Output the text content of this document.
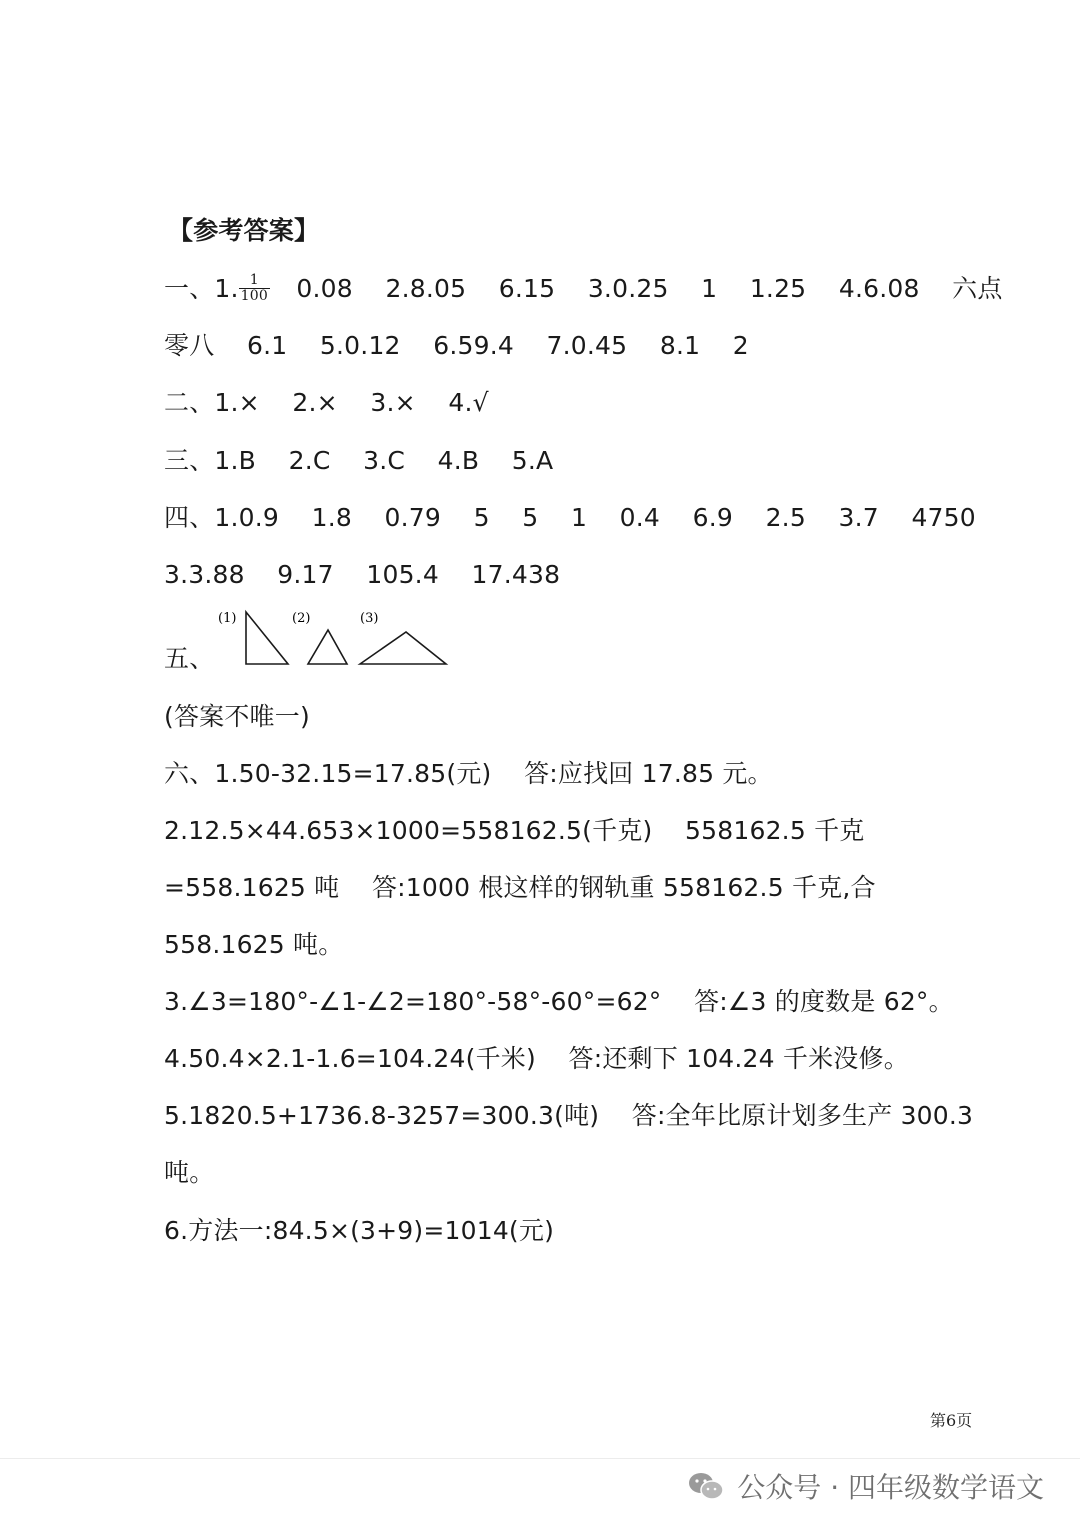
【参考答案】
一、1. $\frac{1}{100} 0.08$    2.8.05    6.15    3.0.25    1    1.25    4.6.08    六点
零八    6.1    5.0.12    6.59.4    7.0.45    8.1    2
二、1.×    2.×    3.×    4.√
三、1.B    2.C    3.C    4.B    5.A
四、1.0.9    1.8    0.79    5    5    1    0.4    6.9    2.5    3.7    4750
3.3.88    9.17    105.4    17.438
五、
(1)	(2)	(3)
(答案不唯一)
六、1.50-32.15=17.85(元)    答:应找回 17.85 元。
2.12.5×44.653×1000=558162.5(千克)    558162.5 千克
=558.1625 吨    答:1000 根这样的钢轨重 558162.5 千克,合
558.1625 吨。
3.∠3=180°-∠1-∠2=180°-58°-60°=62°    答:∠3 的度数是 62°。
4.50.4×2.1-1.6=104.24(千米)    答:还剩下 104.24 千米没修。
5.1820.5+1736.8-3257=300.3(吨)    答:全年比原计划多生产 300.3
吨。
6.方法一:84.5×(3+9)=1014(元)
第6页
公众号 · 四年级数学语文
